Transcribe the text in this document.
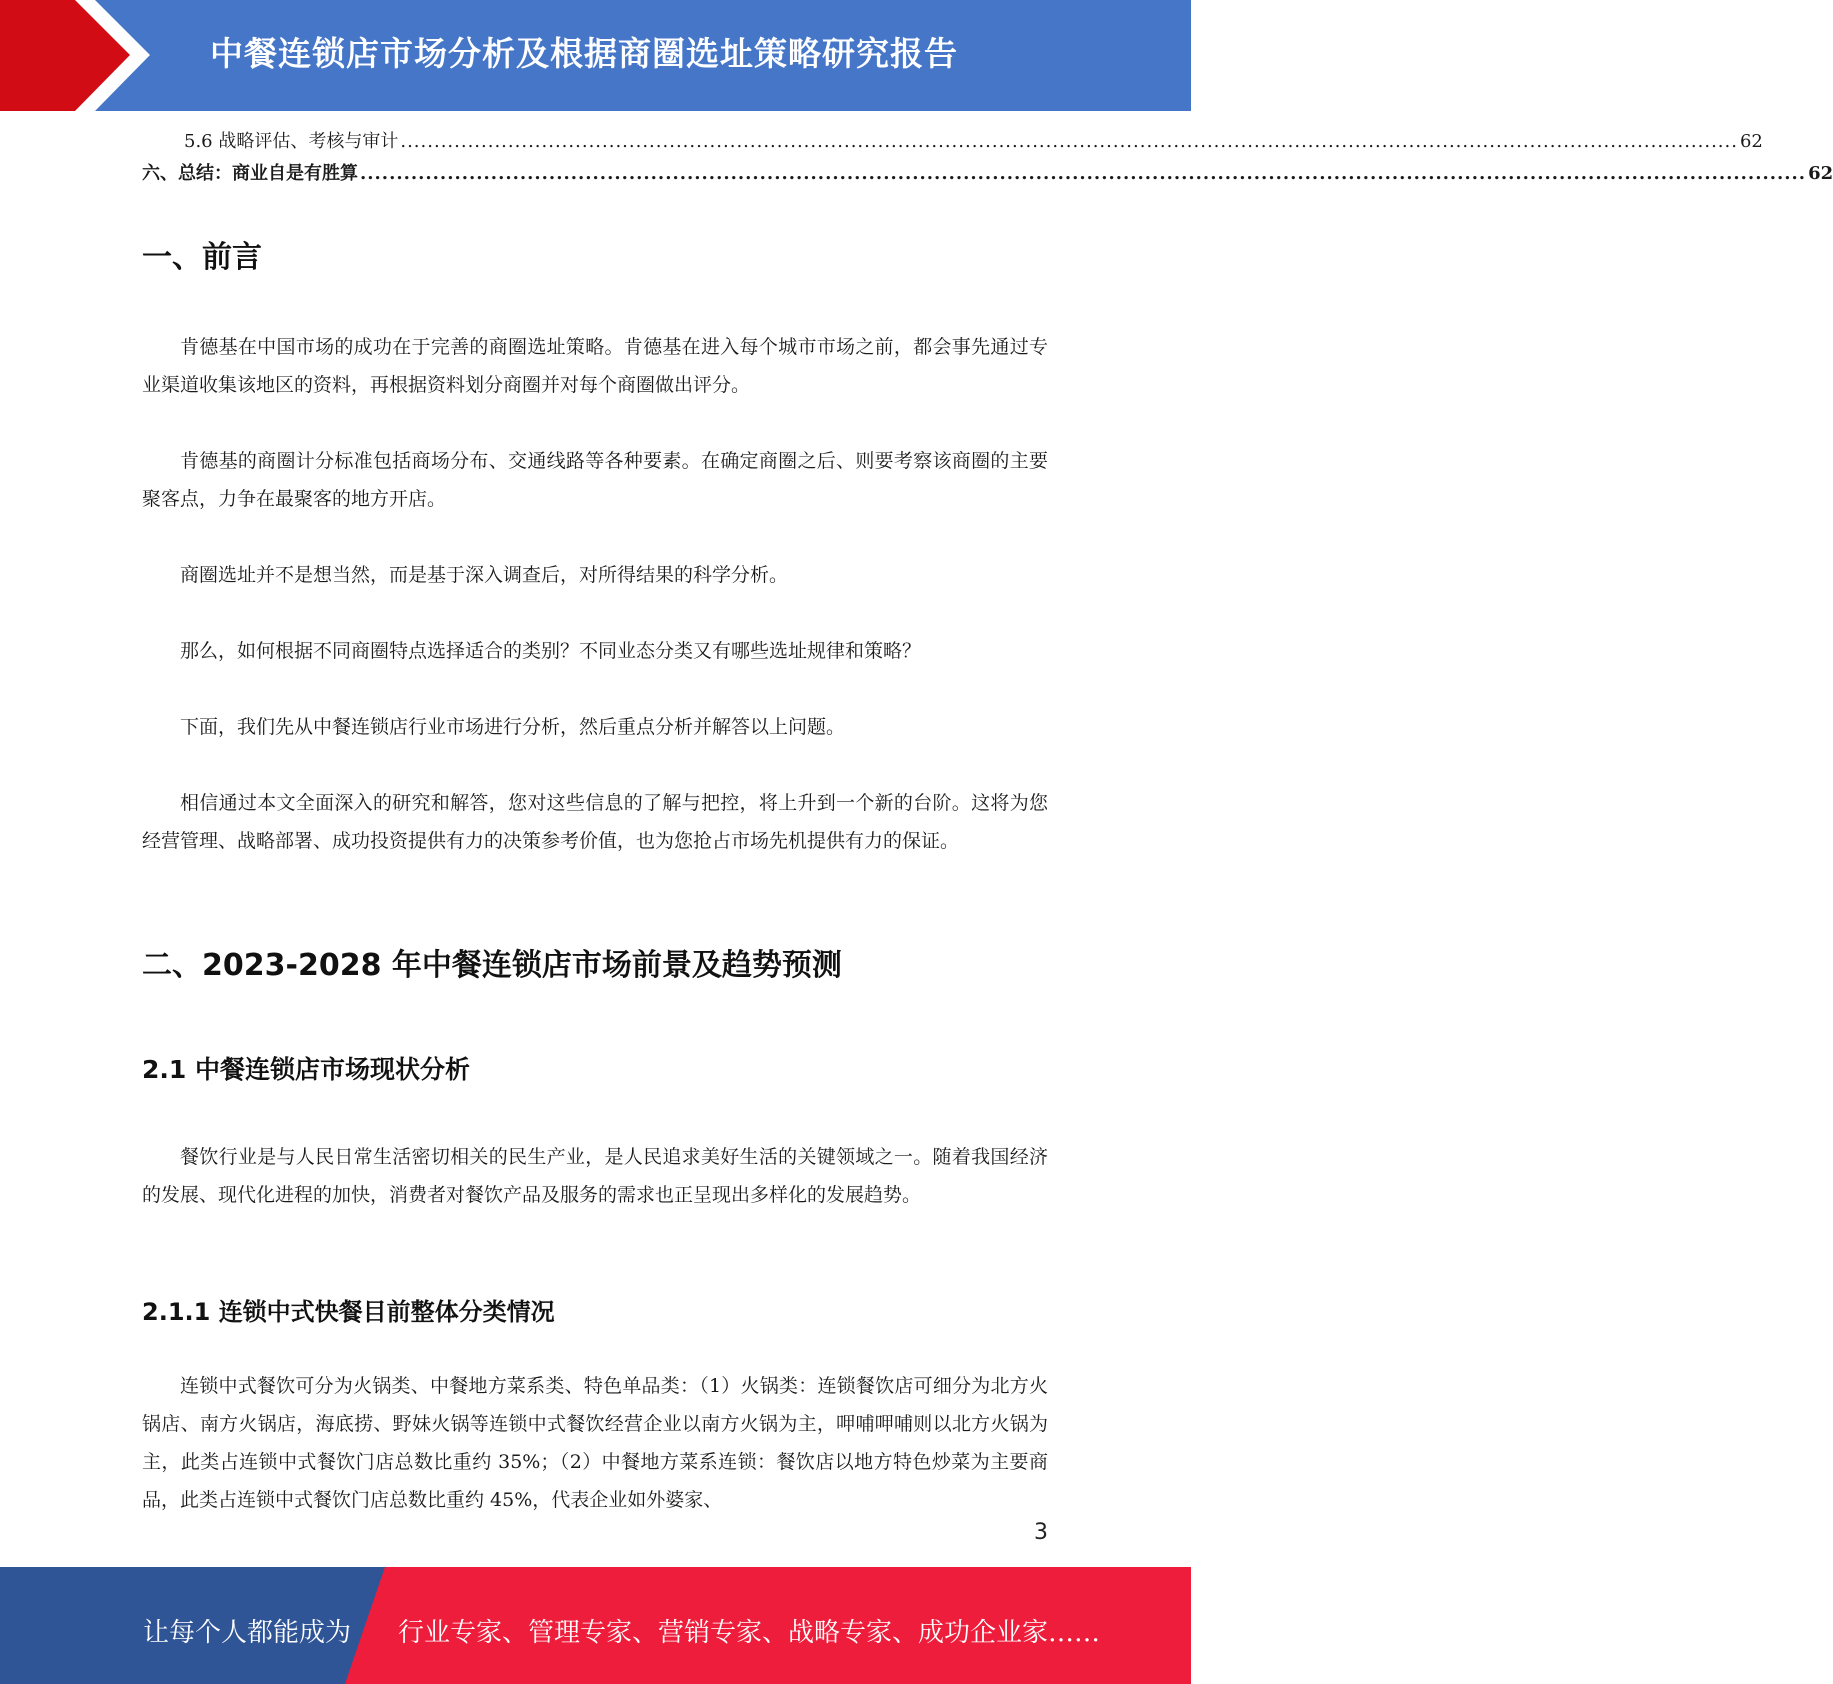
中餐连锁店市场分析及根据商圈选址策略研究报告
5.6 战略评估、考核与审计 ....................................................................................................................................................................................................... 62
六、总结：商业自是有胜算 ....................................................................................................................................................................................................... 62
一、前言

肯德基在中国市场的成功在于完善的商圈选址策略。肯德基在进入每个城市市场之前，都会事先通过专业渠道收集该地区的资料，再根据资料划分商圈并对每个商圈做出评分。

肯德基的商圈计分标准包括商场分布、交通线路等各种要素。在确定商圈之后、则要考察该商圈的主要聚客点，力争在最聚客的地方开店。

商圈选址并不是想当然，而是基于深入调查后，对所得结果的科学分析。

那么，如何根据不同商圈特点选择适合的类别？不同业态分类又有哪些选址规律和策略？

下面，我们先从中餐连锁店行业市场进行分析，然后重点分析并解答以上问题。

相信通过本文全面深入的研究和解答，您对这些信息的了解与把控，将上升到一个新的台阶。这将为您经营管理、战略部署、成功投资提供有力的决策参考价值，也为您抢占市场先机提供有力的保证。

二、2023-2028 年中餐连锁店市场前景及趋势预测
2.1 中餐连锁店市场现状分析

餐饮行业是与人民日常生活密切相关的民生产业，是人民追求美好生活的关键领域之一。随着我国经济的发展、现代化进程的加快，消费者对餐饮产品及服务的需求也正呈现出多样化的发展趋势。

2.1.1 连锁中式快餐目前整体分类情况

连锁中式餐饮可分为火锅类、中餐地方菜系类、特色单品类：（1）火锅类：连锁餐饮店可细分为北方火锅店、南方火锅店，海底捞、野妹火锅等连锁中式餐饮经营企业以南方火锅为主，呷哺呷哺则以北方火锅为主，此类占连锁中式餐饮门店总数比重约 35%；（2）中餐地方菜系连锁：餐饮店以地方特色炒菜为主要商品，此类占连锁中式餐饮门店总数比重约 45%，代表企业如外婆家、

3
让每个人都能成为 行业专家、管理专家、营销专家、战略专家、成功企业家……
